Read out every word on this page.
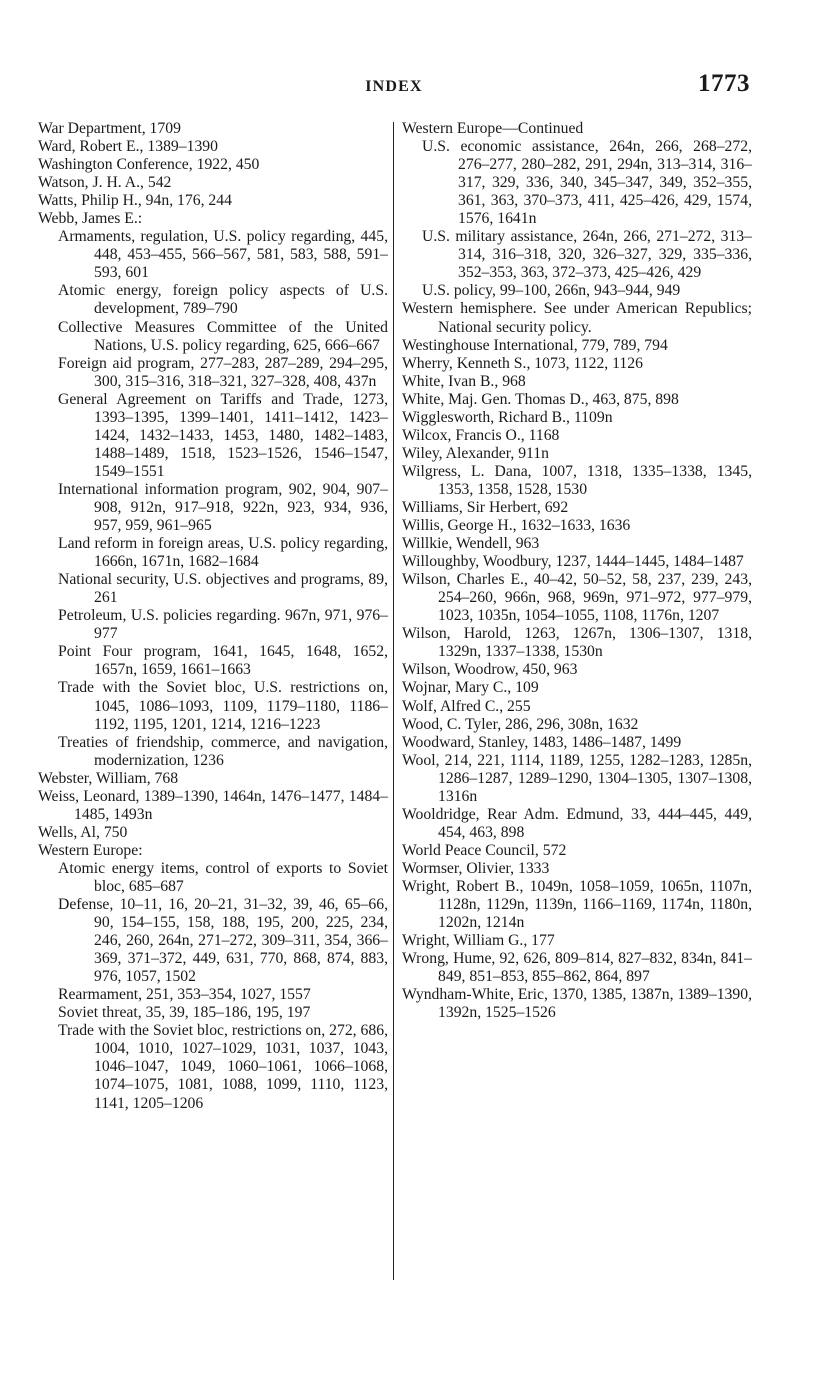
INDEX	1773
War Department, 1709
Ward, Robert E., 1389–1390
Washington Conference, 1922, 450
Watson, J. H. A., 542
Watts, Philip H., 94n, 176, 244
Webb, James E.:
Armaments, regulation, U.S. policy regarding, 445, 448, 453–455, 566–567, 581, 583, 588, 591–593, 601
Atomic energy, foreign policy aspects of U.S. development, 789–790
Collective Measures Committee of the United Nations, U.S. policy regarding, 625, 666–667
Foreign aid program, 277–283, 287–289, 294–295, 300, 315–316, 318–321, 327–328, 408, 437n
General Agreement on Tariffs and Trade, 1273, 1393–1395, 1399–1401, 1411–1412, 1423–1424, 1432–1433, 1453, 1480, 1482–1483, 1488–1489, 1518, 1523–1526, 1546–1547, 1549–1551
International information program, 902, 904, 907–908, 912n, 917–918, 922n, 923, 934, 936, 957, 959, 961–965
Land reform in foreign areas, U.S. policy regarding, 1666n, 1671n, 1682–1684
National security, U.S. objectives and programs, 89, 261
Petroleum, U.S. policies regarding. 967n, 971, 976–977
Point Four program, 1641, 1645, 1648, 1652, 1657n, 1659, 1661–1663
Trade with the Soviet bloc, U.S. restrictions on, 1045, 1086–1093, 1109, 1179–1180, 1186–1192, 1195, 1201, 1214, 1216–1223
Treaties of friendship, commerce, and navigation, modernization, 1236
Webster, William, 768
Weiss, Leonard, 1389–1390, 1464n, 1476–1477, 1484–1485, 1493n
Wells, Al, 750
Western Europe:
Atomic energy items, control of exports to Soviet bloc, 685–687
Defense, 10–11, 16, 20–21, 31–32, 39, 46, 65–66, 90, 154–155, 158, 188, 195, 200, 225, 234, 246, 260, 264n, 271–272, 309–311, 354, 366–369, 371–372, 449, 631, 770, 868, 874, 883, 976, 1057, 1502
Rearmament, 251, 353–354, 1027, 1557
Soviet threat, 35, 39, 185–186, 195, 197
Trade with the Soviet bloc, restrictions on, 272, 686, 1004, 1010, 1027–1029, 1031, 1037, 1043, 1046–1047, 1049, 1060–1061, 1066–1068, 1074–1075, 1081, 1088, 1099, 1110, 1123, 1141, 1205–1206
Western Europe—Continued
U.S. economic assistance, 264n, 266, 268–272, 276–277, 280–282, 291, 294n, 313–314, 316–317, 329, 336, 340, 345–347, 349, 352–355, 361, 363, 370–373, 411, 425–426, 429, 1574, 1576, 1641n
U.S. military assistance, 264n, 266, 271–272, 313–314, 316–318, 320, 326–327, 329, 335–336, 352–353, 363, 372–373, 425–426, 429
U.S. policy, 99–100, 266n, 943–944, 949
Western hemisphere. See under American Republics; National security policy.
Westinghouse International, 779, 789, 794
Wherry, Kenneth S., 1073, 1122, 1126
White, Ivan B., 968
White, Maj. Gen. Thomas D., 463, 875, 898
Wigglesworth, Richard B., 1109n
Wilcox, Francis O., 1168
Wiley, Alexander, 911n
Wilgress, L. Dana, 1007, 1318, 1335–1338, 1345, 1353, 1358, 1528, 1530
Williams, Sir Herbert, 692
Willis, George H., 1632–1633, 1636
Willkie, Wendell, 963
Willoughby, Woodbury, 1237, 1444–1445, 1484–1487
Wilson, Charles E., 40–42, 50–52, 58, 237, 239, 243, 254–260, 966n, 968, 969n, 971–972, 977–979, 1023, 1035n, 1054–1055, 1108, 1176n, 1207
Wilson, Harold, 1263, 1267n, 1306–1307, 1318, 1329n, 1337–1338, 1530n
Wilson, Woodrow, 450, 963
Wojnar, Mary C., 109
Wolf, Alfred C., 255
Wood, C. Tyler, 286, 296, 308n, 1632
Woodward, Stanley, 1483, 1486–1487, 1499
Wool, 214, 221, 1114, 1189, 1255, 1282–1283, 1285n, 1286–1287, 1289–1290, 1304–1305, 1307–1308, 1316n
Wooldridge, Rear Adm. Edmund, 33, 444–445, 449, 454, 463, 898
World Peace Council, 572
Wormser, Olivier, 1333
Wright, Robert B., 1049n, 1058–1059, 1065n, 1107n, 1128n, 1129n, 1139n, 1166–1169, 1174n, 1180n, 1202n, 1214n
Wright, William G., 177
Wrong, Hume, 92, 626, 809–814, 827–832, 834n, 841–849, 851–853, 855–862, 864, 897
Wyndham-White, Eric, 1370, 1385, 1387n, 1389–1390, 1392n, 1525–1526
